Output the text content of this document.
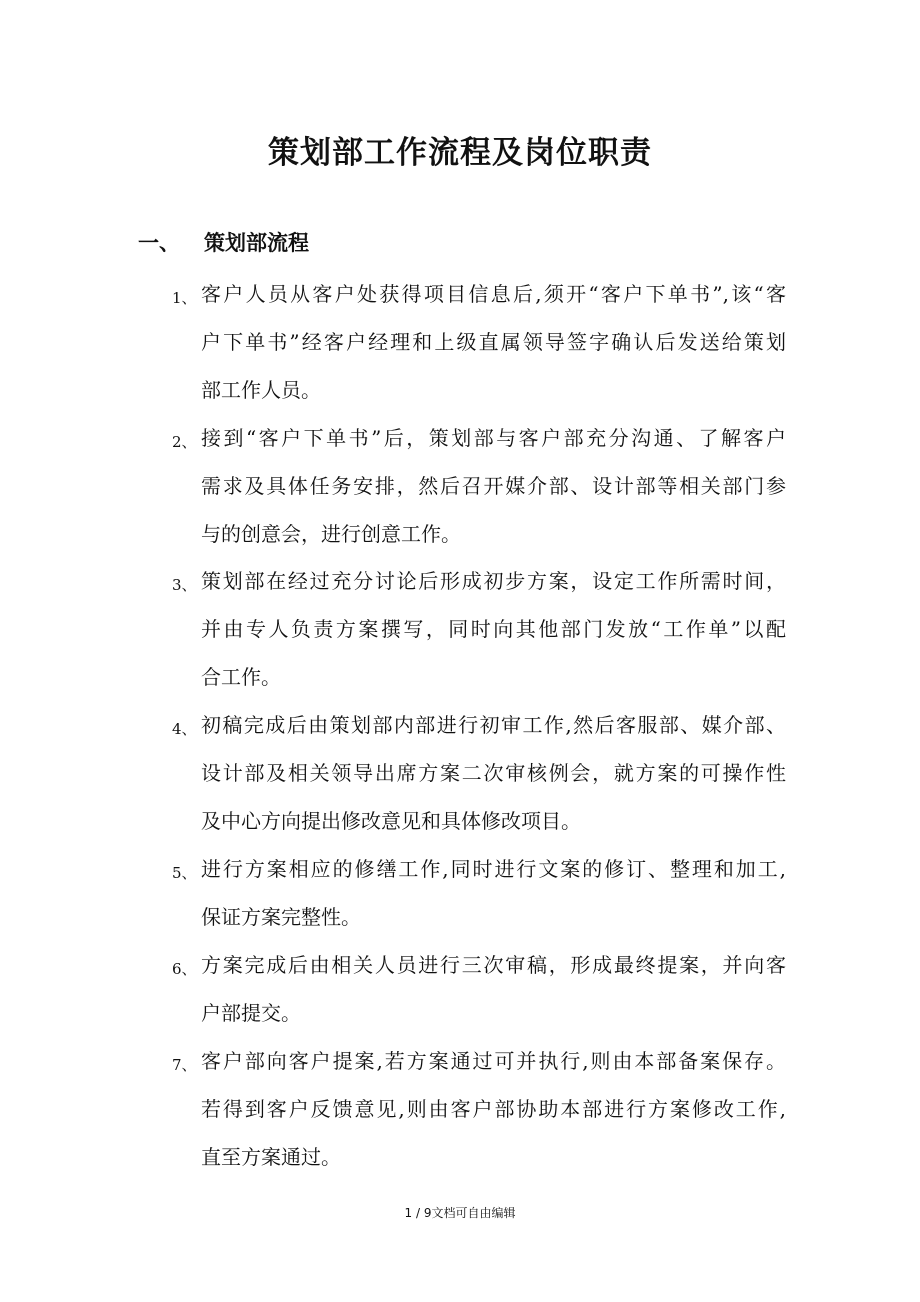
策划部工作流程及岗位职责
一、 策划部流程
1、 客户人员从客户处获得项目信息后,须开“客户下单书”,该“客
户下单书”经客户经理和上级直属领导签字确认后发送给策划
部工作人员。
2、 接到“客户下单书”后，策划部与客户部充分沟通、了解客户
需求及具体任务安排，然后召开媒介部、设计部等相关部门参
与的创意会，进行创意工作。
3、 策划部在经过充分讨论后形成初步方案，设定工作所需时间，
并由专人负责方案撰写，同时向其他部门发放“工作单”以配
合工作。
4、 初稿完成后由策划部内部进行初审工作,然后客服部、媒介部、
设计部及相关领导出席方案二次审核例会，就方案的可操作性
及中心方向提出修改意见和具体修改项目。
5、 进行方案相应的修缮工作,同时进行文案的修订、整理和加工,
保证方案完整性。
6、 方案完成后由相关人员进行三次审稿，形成最终提案，并向客
户部提交。
7、 客户部向客户提案,若方案通过可并执行,则由本部备案保存。
若得到客户反馈意见,则由客户部协助本部进行方案修改工作,
直至方案通过。
1 / 9文档可自由编辑
